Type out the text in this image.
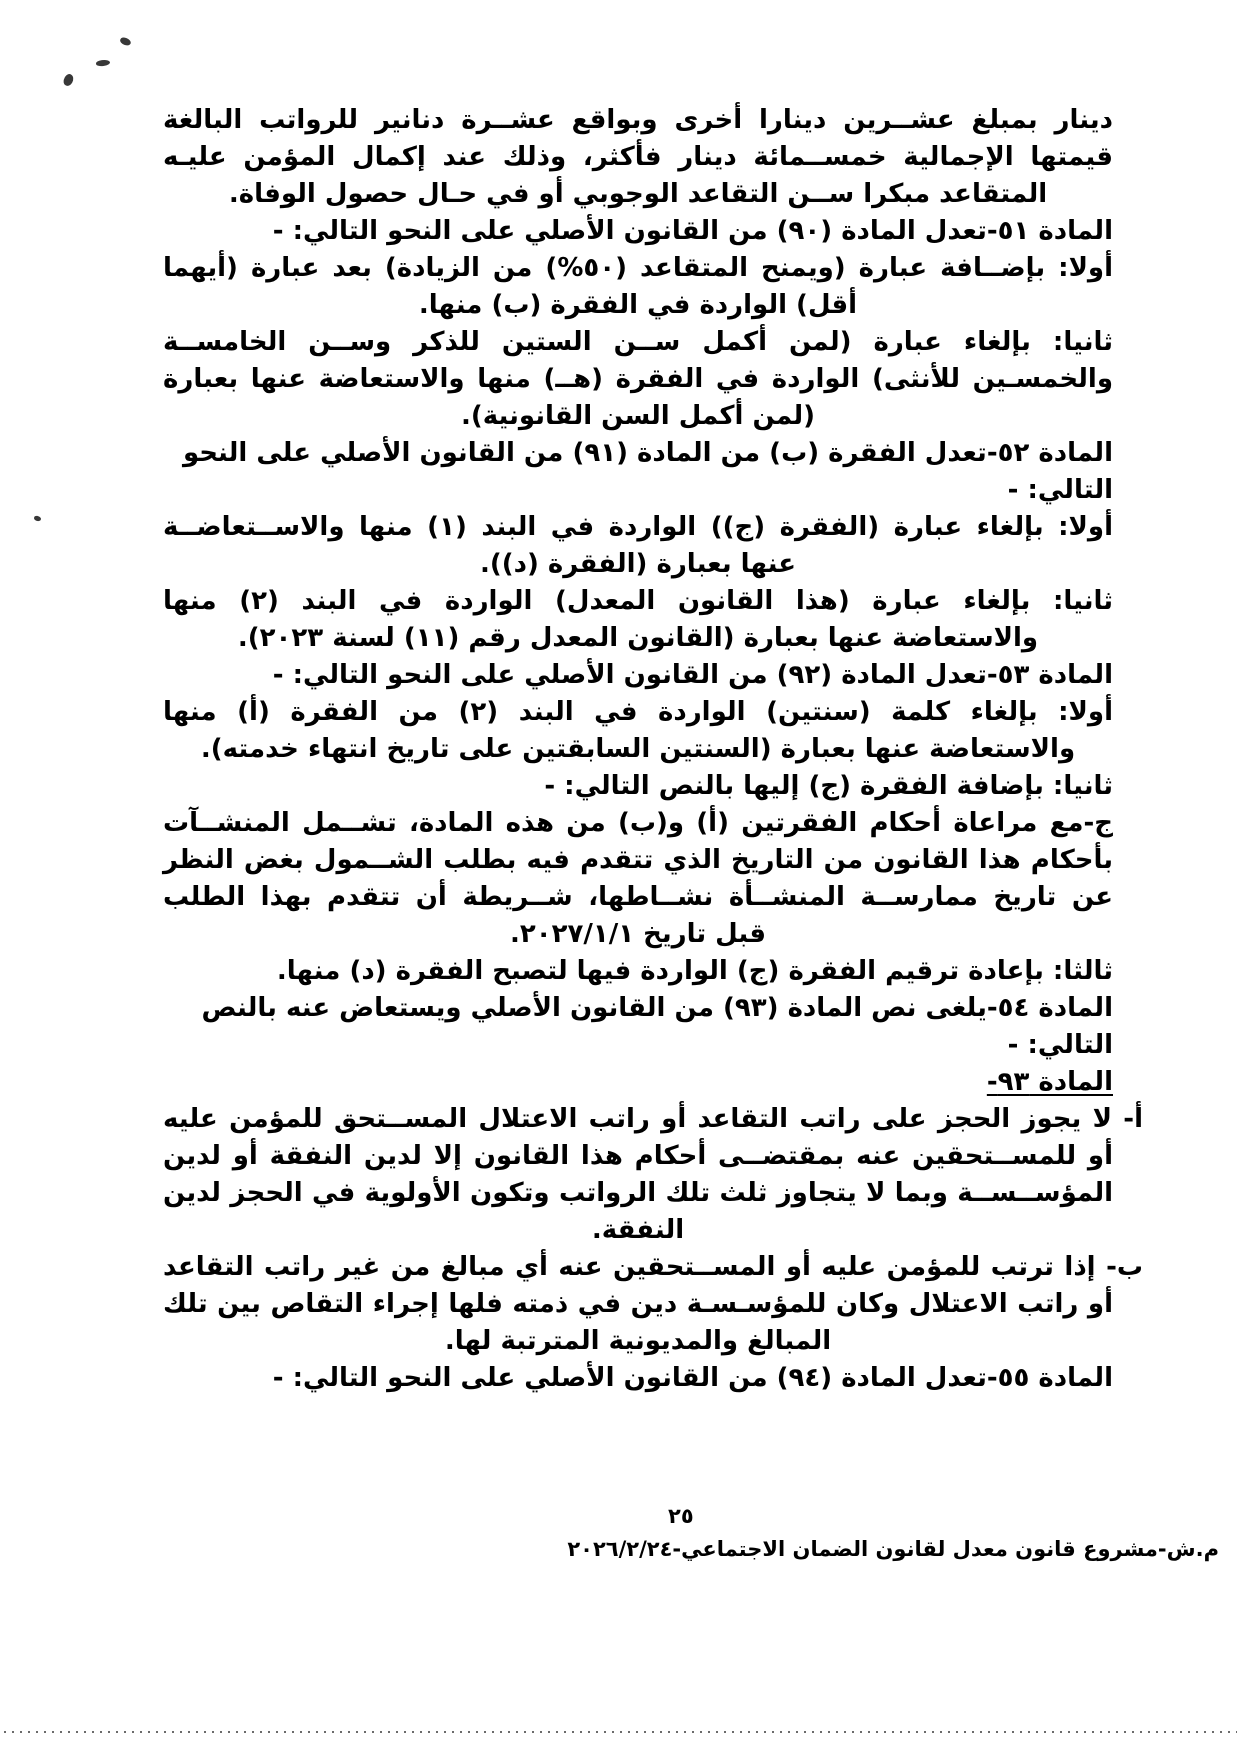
دينار بمبلغ عشــرين دينارا أخرى وبواقع عشــرة دنانير للرواتب البالغة قيمتها الإجمالية خمســمائة دينار فأكثر، وذلك عند إكمال المؤمن عليـه المتقاعد مبكرا ســن التقاعد الوجوبي أو في حـال حصول الوفاة.

المادة ٥١-تعدل المادة (٩٠) من القانون الأصلي على النحو التالي: -

أولا: بإضــافة عبارة (ويمنح المتقاعد (٥٠%) من الزيادة) بعد عبارة (أيهما أقل) الواردة في الفقرة (ب) منها.

ثانيا: بإلغاء عبارة (لمن أكمل ســن الستين للذكر وســن الخامســة والخمسـين للأنثى) الواردة في الفقرة (هــ) منها والاستعاضة عنها بعبارة (لمن أكمل السن القانونية).

المادة ٥٢-تعدل الفقرة (ب) من المادة (٩١) من القانون الأصلي على النحو التالي: -

أولا: بإلغاء عبارة (الفقرة (ج)) الواردة في البند (١) منها والاســتعاضــة عنها بعبارة (الفقرة (د)).

ثانيا: بإلغاء عبارة (هذا القانون المعدل) الواردة في البند (٢) منها والاستعاضة عنها بعبارة (القانون المعدل رقم (١١) لسنة ٢٠٢٣).

المادة ٥٣-تعدل المادة (٩٢) من القانون الأصلي على النحو التالي: -

أولا: بإلغاء كلمة (سنتين) الواردة في البند (٢) من الفقرة (أ) منها والاستعاضة عنها بعبارة (السنتين السابقتين على تاريخ انتهاء خدمته).

ثانيا: بإضافة الفقرة (ج) إليها بالنص التالي: -

ج-مع مراعاة أحكام الفقرتين (أ) و(ب) من هذه المادة، تشــمل المنشــآت بأحكام هذا القانون من التاريخ الذي تتقدم فيه بطلب الشــمول بغض النظر عن تاريخ ممارســة المنشــأة نشــاطها، شــريطة أن تتقدم بهذا الطلب قبل تاريخ ٢٠٢٧/١/١.

ثالثا: بإعادة ترقيم الفقرة (ج) الواردة فيها لتصبح الفقرة (د) منها.

المادة ٥٤-يلغى نص المادة (٩٣) من القانون الأصلي ويستعاض عنه بالنص التالي: -

المادة ٩٣-

أ- لا يجوز الحجز على راتب التقاعد أو راتب الاعتلال المســتحق للمؤمن عليه أو للمســتحقين عنه بمقتضــى أحكام هذا القانون إلا لدين النفقة أو لدين المؤســســة وبما لا يتجاوز ثلث تلك الرواتب وتكون الأولوية في الحجز لدين النفقة.

ب- إذا ترتب للمؤمن عليه أو المســتحقين عنه أي مبالغ من غير راتب التقاعد أو راتب الاعتلال وكان للمؤسـسـة دين في ذمته فلها إجراء التقاص بين تلك المبالغ والمديونية المترتبة لها.

المادة ٥٥-تعدل المادة (٩٤) من القانون الأصلي على النحو التالي: -

٢٥
م.ش-مشروع قانون معدل لقانون الضمان الاجتماعي-٢٠٢٦/٢/٢٤
